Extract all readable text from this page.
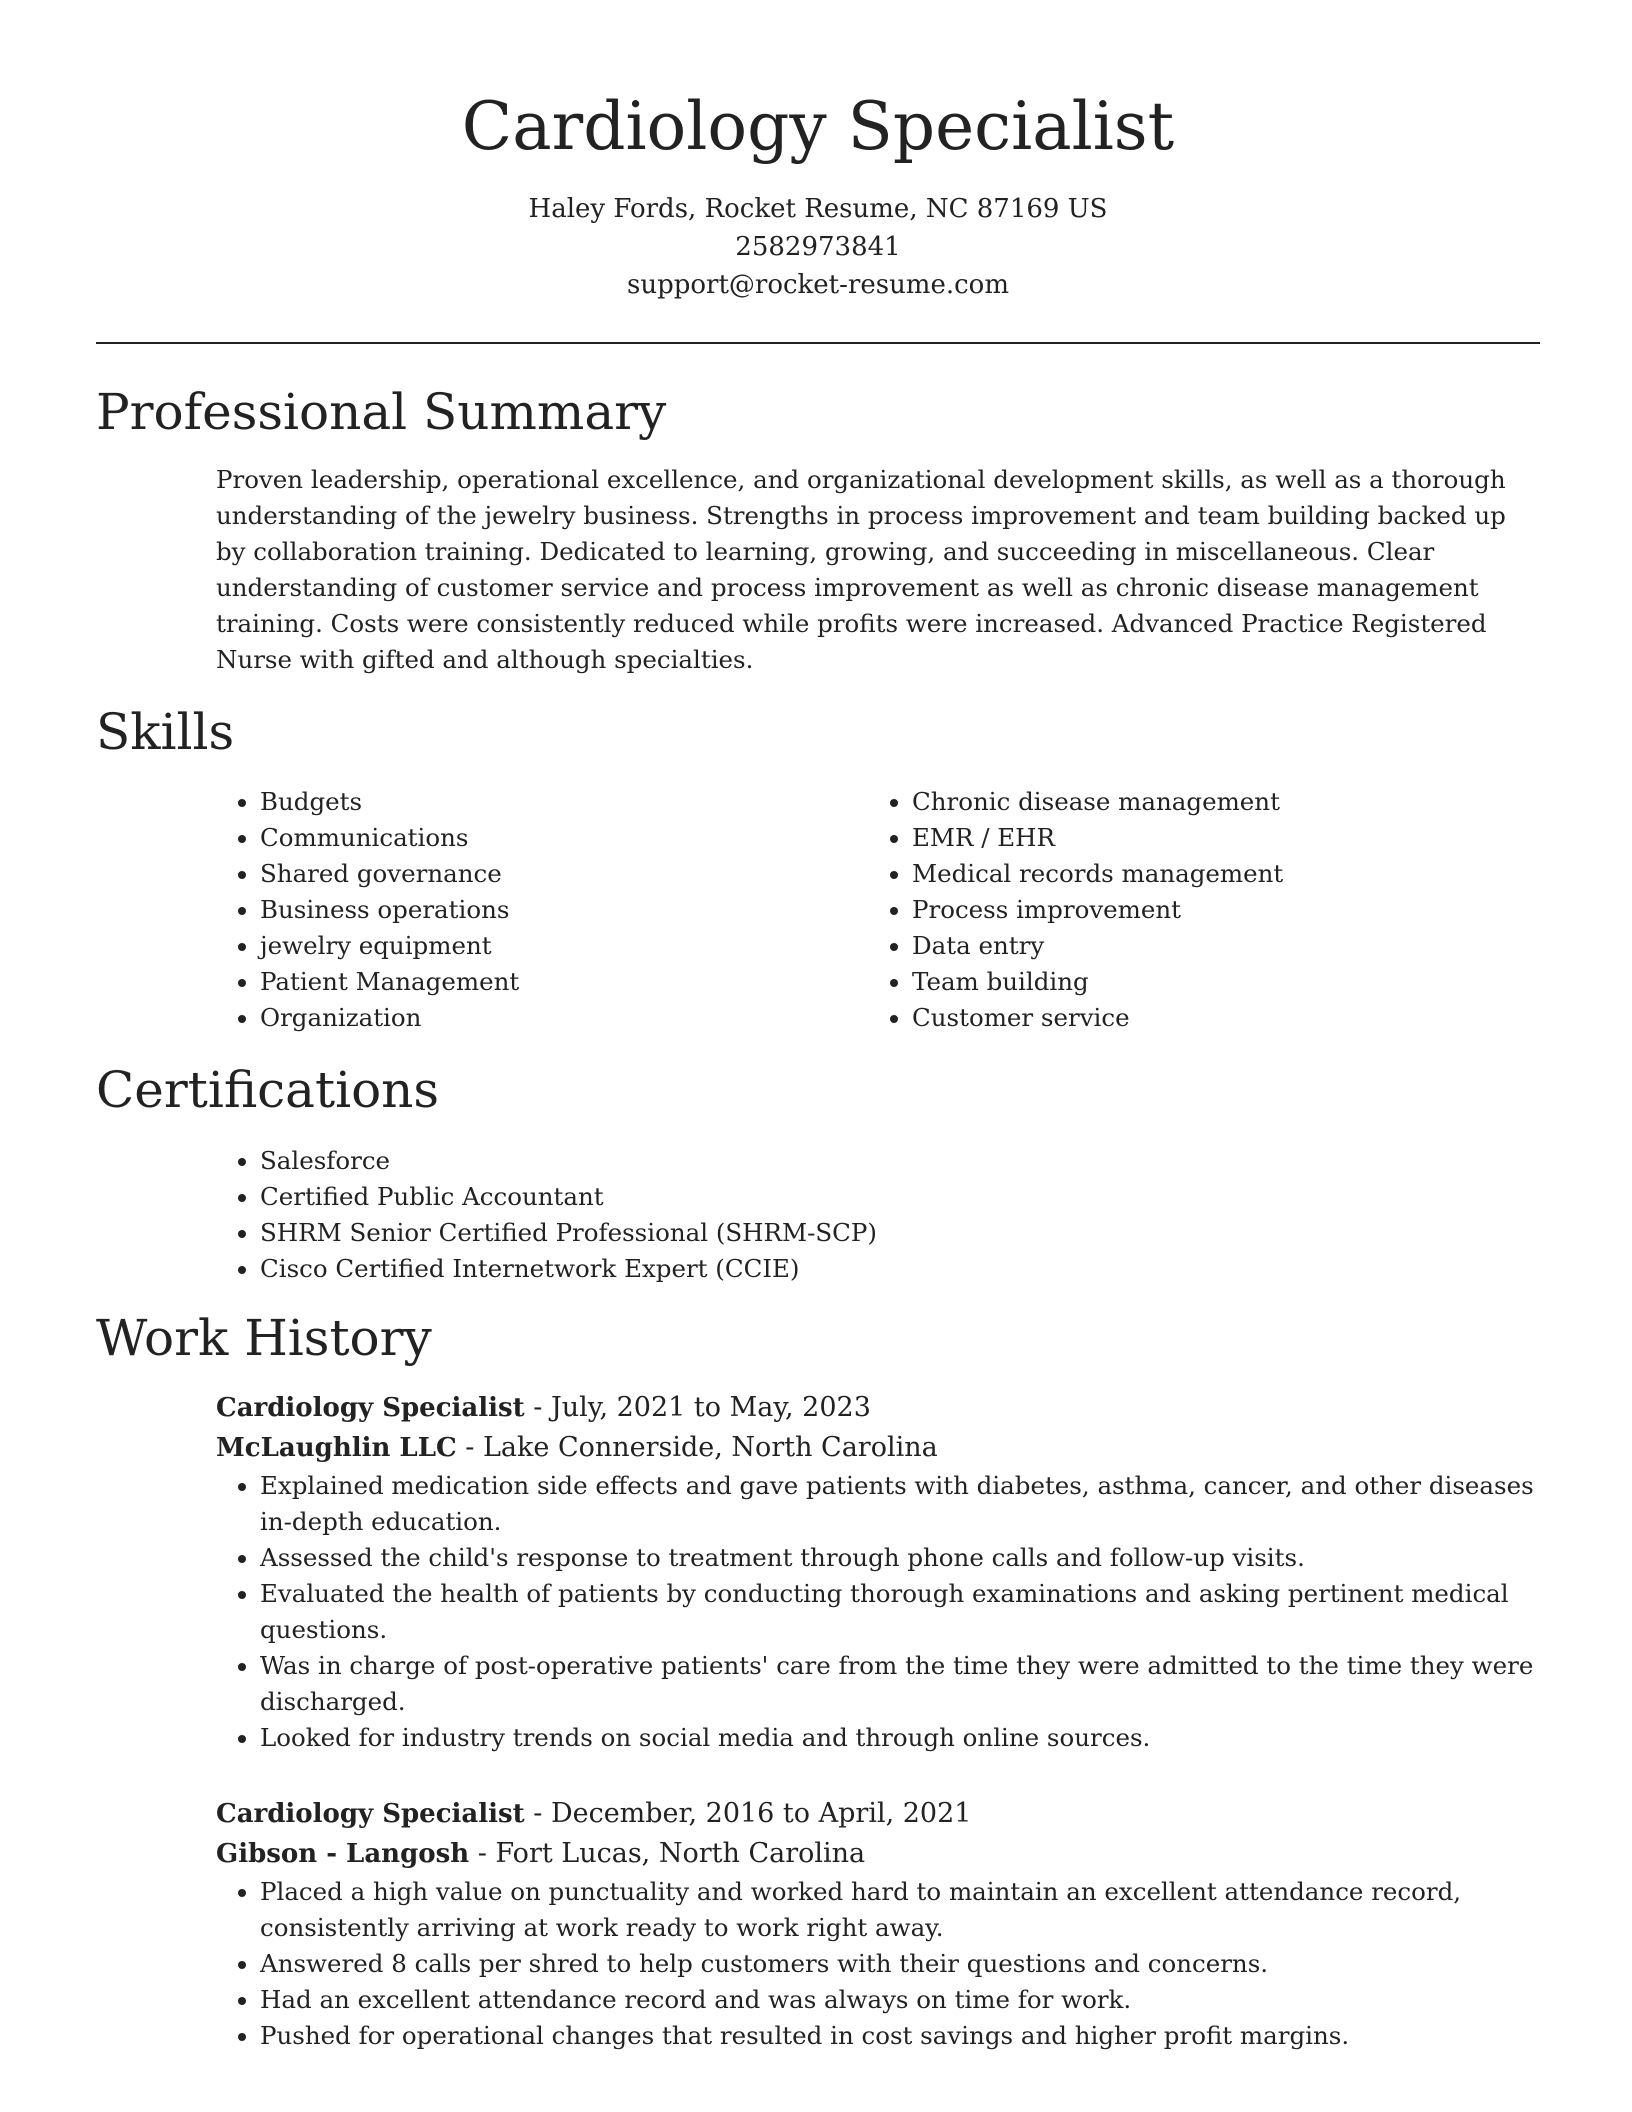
Cardiology Specialist
Haley Fords, Rocket Resume, NC 87169 US
2582973841
support@rocket-resume.com
Professional Summary

Proven leadership, operational excellence, and organizational development skills, as well as a thorough understanding of the jewelry business. Strengths in process improvement and team building backed up by collaboration training. Dedicated to learning, growing, and succeeding in miscellaneous. Clear understanding of customer service and process improvement as well as chronic disease management training. Costs were consistently reduced while profits were increased. Advanced Practice Registered Nurse with gifted and although specialties.

Skills
• Budgets
• Communications
• Shared governance
• Business operations
• jewelry equipment
• Patient Management
• Organization
• Chronic disease management
• EMR / EHR
• Medical records management
• Process improvement
• Data entry
• Team building
• Customer service
Certifications
• Salesforce
• Certified Public Accountant
• SHRM Senior Certified Professional (SHRM-SCP)
• Cisco Certified Internetwork Expert (CCIE)
Work History
Cardiology Specialist - July, 2021 to May, 2023
McLaughlin LLC - Lake Connerside, North Carolina
• Explained medication side effects and gave patients with diabetes, asthma, cancer, and other diseases in-depth education.
• Assessed the child's response to treatment through phone calls and follow-up visits.
• Evaluated the health of patients by conducting thorough examinations and asking pertinent medical questions.
• Was in charge of post-operative patients' care from the time they were admitted to the time they were discharged.
• Looked for industry trends on social media and through online sources.
Cardiology Specialist - December, 2016 to April, 2021
Gibson - Langosh - Fort Lucas, North Carolina
• Placed a high value on punctuality and worked hard to maintain an excellent attendance record, consistently arriving at work ready to work right away.
• Answered 8 calls per shred to help customers with their questions and concerns.
• Had an excellent attendance record and was always on time for work.
• Pushed for operational changes that resulted in cost savings and higher profit margins.
